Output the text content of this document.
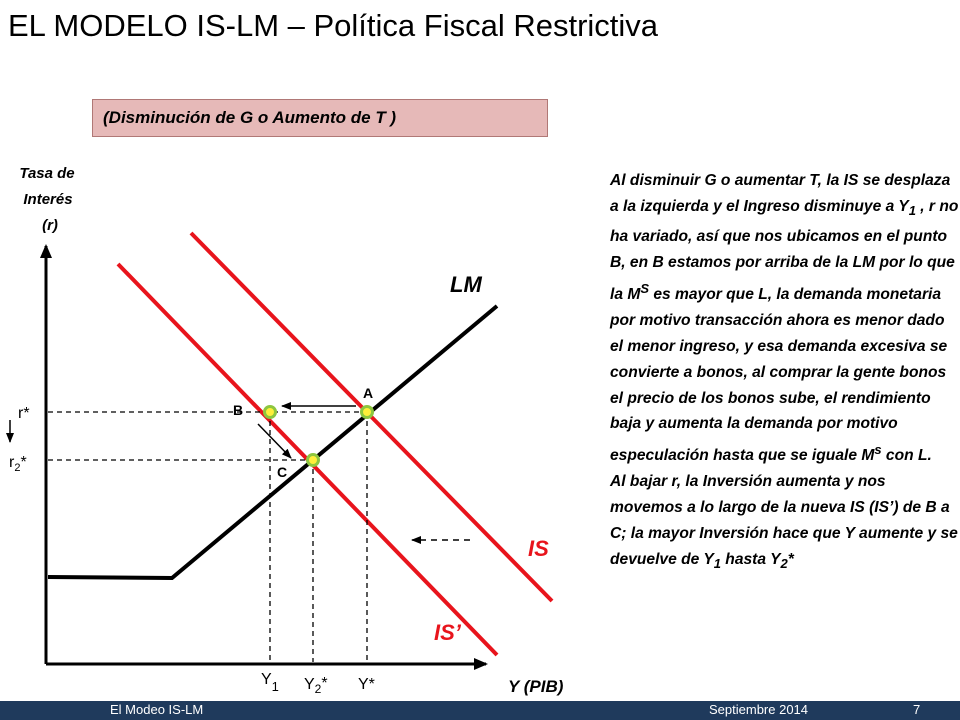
EL MODELO IS-LM – Política Fiscal Restrictiva
(Disminución de G o Aumento de T )
Tasa de
Interés
(r)
A
B
C
LM
IS
IS’
r*
$r_2*$
$Y_1$ $Y_2*$ Y*	Y (PIB)

Al disminuir G o aumentar T, la IS se desplaza a la izquierda y el Ingreso disminuye a $Y_1$ , r no ha variado, así que nos ubicamos en el punto B, en B estamos por arriba de la LM por lo que la $M^S$ es mayor que L, la demanda monetaria por motivo transacción ahora es menor dado el menor ingreso, y esa demanda excesiva se convierte a bonos, al comprar la gente bonos el precio de los bonos sube, el rendimiento baja y aumenta la demanda por motivo especulación hasta que se iguale $M^s$ con L.

Al bajar r, la Inversión aumenta y nos movemos a lo largo de la nueva IS (IS’) de B a C; la mayor Inversión hace que Y aumente y se devuelve de $Y_1$ hasta $Y_2*$

El Modeo IS-LM	Septiembre 2014	7
